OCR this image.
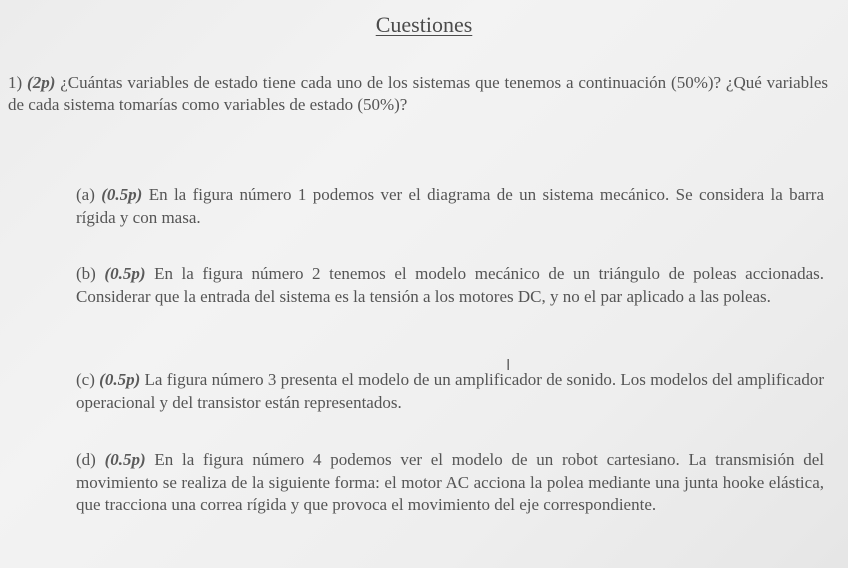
Cuestiones
1) (2p) ¿Cuántas variables de estado tiene cada uno de los sistemas que tenemos a continuación (50%)? ¿Qué variables de cada sistema tomarías como variables de estado (50%)?
(a) (0.5p) En la figura número 1 podemos ver el diagrama de un sistema mecánico. Se considera la barra rígida y con masa.
(b) (0.5p) En la figura número 2 tenemos el modelo mecánico de un triángulo de poleas accionadas. Considerar que la entrada del sistema es la tensión a los motores DC, y no el par aplicado a las poleas.
(c) (0.5p) La figura número 3 presenta el modelo de un amplificador de sonido. Los modelos del amplificador operacional y del transistor están representados.
(d) (0.5p) En la figura número 4 podemos ver el modelo de un robot cartesiano. La transmisión del movimiento se realiza de la siguiente forma: el motor AC acciona la polea mediante una junta hooke elástica, que tracciona una correa rígida y que provoca el movimiento del eje correspondiente.
I
